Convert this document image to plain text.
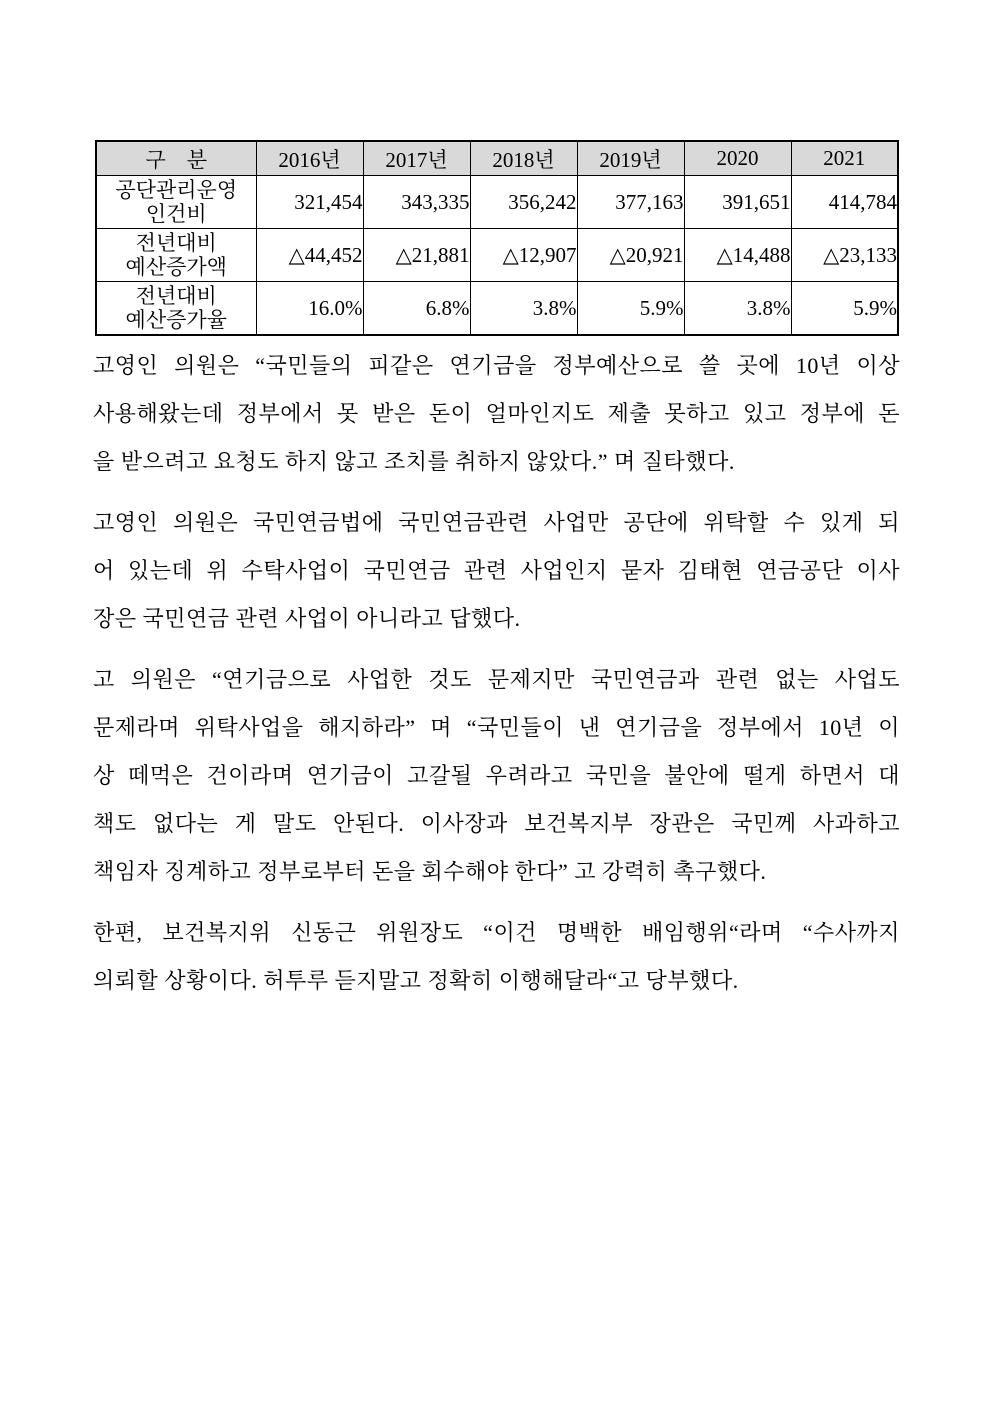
구　분	2016년	2017년	2018년	2019년	2020	2021

공단관리운영
인건비	321,454	343,335	356,242	377,163	391,651	414,784

전년대비
예산증가액	△44,452	△21,881	△12,907	△20,921	△14,488	△23,133

전년대비
예산증가율	16.0%	6.8%	3.8%	5.9%	3.8%	5.9%
고영인 의원은 “국민들의 피같은 연기금을 정부예산으로 쓸 곳에 10년 이상
사용해왔는데 정부에서 못 받은 돈이 얼마인지도 제출 못하고 있고 정부에 돈
을 받으려고 요청도 하지 않고 조치를 취하지 않았다.” 며 질타했다.
고영인 의원은 국민연금법에 국민연금관련 사업만 공단에 위탁할 수 있게 되
어 있는데 위 수탁사업이 국민연금 관련 사업인지 묻자 김태현 연금공단 이사
장은 국민연금 관련 사업이 아니라고 답했다.
고 의원은 “연기금으로 사업한 것도 문제지만 국민연금과 관련 없는 사업도
문제라며 위탁사업을 해지하라” 며 “국민들이 낸 연기금을 정부에서 10년 이
상 떼먹은 건이라며 연기금이 고갈될 우려라고 국민을 불안에 떨게 하면서 대
책도 없다는 게 말도 안된다. 이사장과 보건복지부 장관은 국민께 사과하고
책임자 징계하고 정부로부터 돈을 회수해야 한다” 고 강력히 촉구했다.
한편, 보건복지위 신동근 위원장도 “이건 명백한 배임행위“라며 “수사까지
의뢰할 상황이다. 허투루 듣지말고 정확히 이행해달라“고 당부했다.
